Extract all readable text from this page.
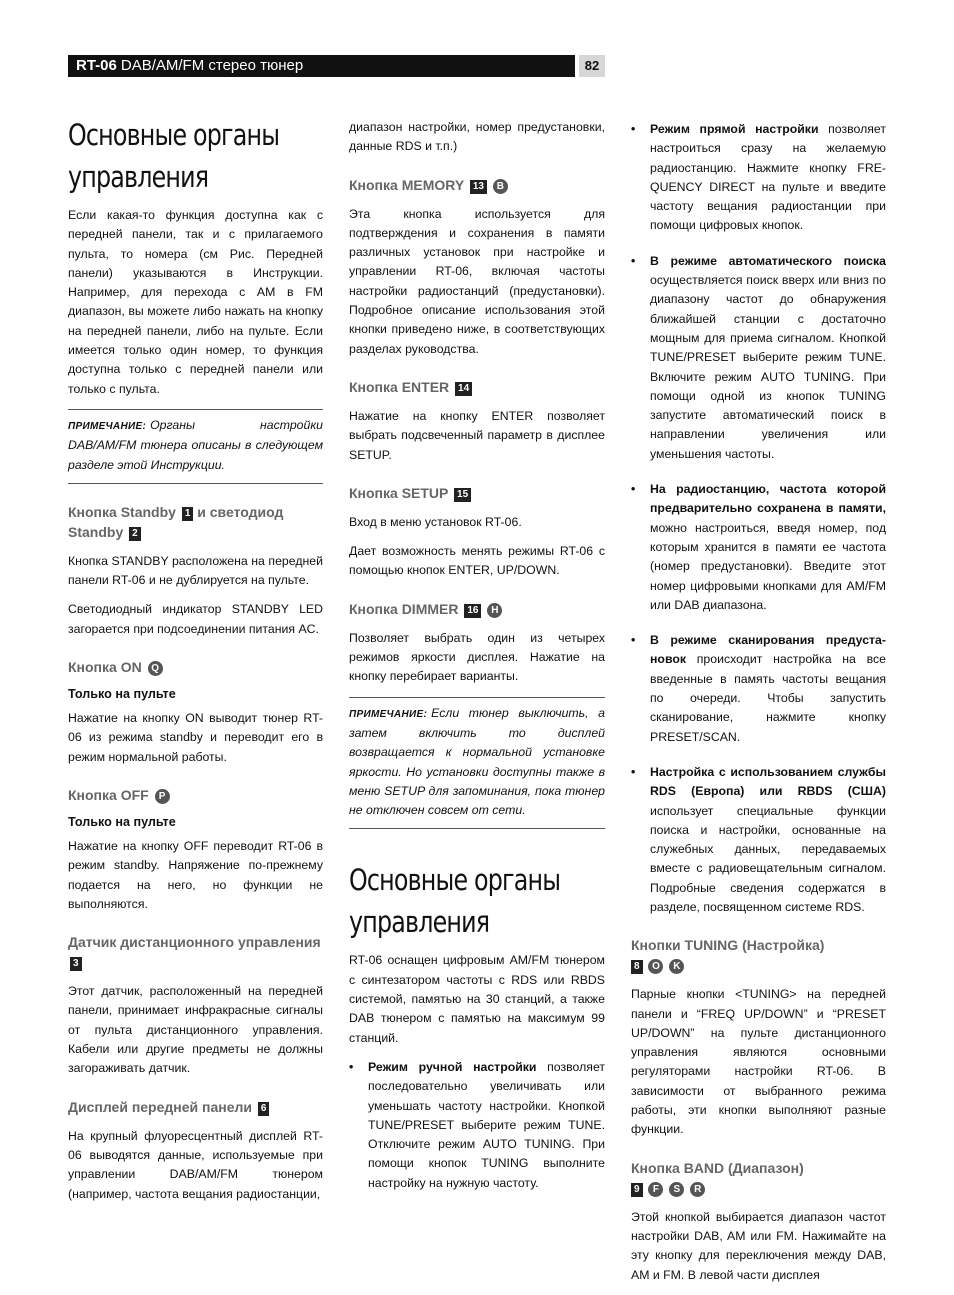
RT-06 DAB/AM/FM стерео тюнер	82
Основные органы управления

Если какая-то функция доступна как с передней панели, так и с прилагаемого пульта, то номера (см Рис. Передней панели) указываются в Инструкции. Например, для перехода с AM в FM диапазон, вы можете либо нажать на кнопку на передней панели, либо на пульте. Если имеется только один номер, то функция доступна только с передней панели или только с пульта.

ПРИМЕЧАНИЕ: Органы настройки DAB/AM/FM тюнера описаны в следующем разделе этой Инструкции.

Кнопка Standby 1 и светодиод Standby 2

Кнопка STANDBY расположена на передней панели RT-06 и не дублируется на пульте.

Светодиодный индикатор STANDBY LED загорается при подсоединении питания AC.

Кнопка ON Q
Только на пульте

Нажатие на кнопку ON выводит тюнер RT-06 из режима standby и переводит его в режим нормальной работы.

Кнопка OFF P
Только на пульте

Нажатие на кнопку OFF переводит RT-06 в режим standby. Напряжение по-прежнему подается на него, но функции не выполняются.

Датчик дистанционного управления 3

Этот датчик, расположенный на передней панели, принимает инфракрасные сигналы от пульта дистанционного управления. Кабели или другие предметы не должны загораживать датчик.

Дисплей передней панели 6

На крупный флуоресцентный дисплей RT-06 выводятся данные, используемые при управлении DAB/AM/FM тюнером (например, частота вещания радиостанции,

диапазон настройки, номер предустановки, данные RDS и т.п.)

Кнопка MEMORY 13 B

Эта кнопка используется для подтверждения и сохранения в памяти различных установок при настройке и управлении RT-06, включая частоты настройки радиостанций (предустановки). Подробное описание использования этой кнопки приведено ниже, в соответствующих разделах руководства.

Кнопка ENTER 14

Нажатие на кнопку ENTER позволяет выбрать подсвеченный параметр в дисплее SETUP.

Кнопка SETUP 15

Вход в меню установок RT-06.

Дает возможность менять режимы RT-06 с помощью кнопок ENTER, UP/DOWN.

Кнопка DIMMER 16 H

Позволяет выбрать один из четырех режимов яркости дисплея. Нажатие на кнопку перебирает варианты.

ПРИМЕЧАНИЕ: Если тюнер выключить, а затем включить то дисплей возвращается к нормальной установке яркости. Но установки доступны также в меню SETUP для запоминания, пока тюнер не отключен совсем от сети.

Основные органы управления

RT-06 оснащен цифровым AM/FM тюнером с синтезатором частоты с RDS или RBDS системой, памятью на 30 станций, а также DAB тюнером с памятью на максимум 99 станций.

• Режим ручной настройки позволяет последовательно увеличивать или уменьшать частоту настройки. Кнопкой TUNE/PRESET выберите режим TUNE. Отключите режим AUTO TUNING. При помощи кнопок TUNING выполните настройку на нужную частоту.
• Режим прямой настройки позволяет настроиться сразу на желаемую радиостанцию. Нажмите кнопку FRE-QUENCY DIRECT на пульте и введите частоту вещания радиостанции при помощи цифровых кнопок.
• В режиме автоматического поиска осуществляется поиск вверх или вниз по диапазону частот до обнаружения ближайшей станции с достаточно мощным для приема сигналом. Кнопкой TUNE/PRESET выберите режим TUNE. Включите режим AUTO TUNING. При помощи одной из кнопок TUNING запустите автоматический поиск в направлении увеличения или уменьшения частоты.
• На радиостанцию, частота которой предварительно сохранена в памяти, можно настроиться, введя номер, под которым хранится в памяти ее частота (номер предустановки). Введите этот номер цифровыми кнопками для AM/FM или DAB диапазона.
• В режиме сканирования предуста-новок происходит настройка на все введенные в память частоты вещания по очереди. Чтобы запустить сканирование, нажмите кнопку PRESET/SCAN.
• Настройка с использованием службы RDS (Европа) или RBDS (США) использует специальные функции поиска и настройки, основанные на служебных данных, передаваемых вместе с радиовещательным сигналом. Подробные сведения содержатся в разделе, посвященном системе RDS.
Кнопки TUNING (Настройка)
8 O K

Парные кнопки <TUNING> на передней панели и “FREQ UP/DOWN” и “PRESET UP/DOWN” на пульте дистанционного управления являются основными регуляторами настройки RT-06. В зависимости от выбранного режима работы, эти кнопки выполняют разные функции.

Кнопка BAND (Диапазон)
9 F S R

Этой кнопкой выбирается диапазон частот настройки DAB, AM или FM. Нажимайте на эту кнопку для переключения между DAB, AM и FM. В левой части дисплея
